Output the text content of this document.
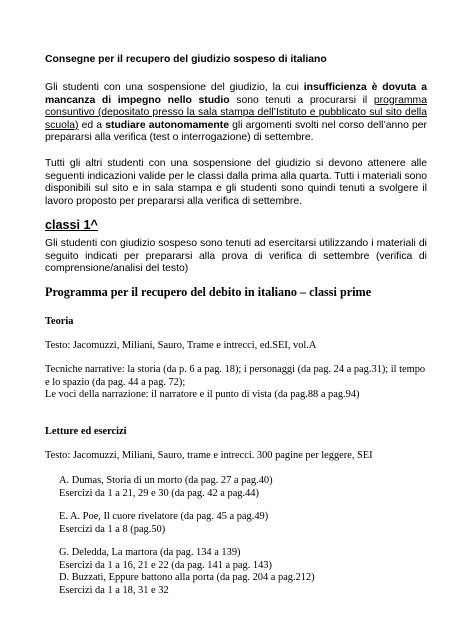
Consegne per il recupero del giudizio sospeso di italiano

Gli studenti con una sospensione del giudizio, la cui insufficienza è dovuta a mancanza di impegno nello studio sono tenuti a procurarsi il programma consuntivo (depositato presso la sala stampa dell’Istituto e pubblicato sul sito della scuola) ed a studiare autonomamente gli argomenti svolti nel corso dell’anno per prepararsi alla verifica (test o interrogazione) di settembre.

Tutti gli altri studenti con una sospensione del giudizio si devono attenere alle seguenti indicazioni valide per le classi dalla prima alla quarta. Tutti i materiali sono disponibili sul sito e in sala stampa e gli studenti sono quindi tenuti a svolgere il lavoro proposto per prepararsi alla verifica di settembre.

classi 1^

Gli studenti con giudizio sospeso sono tenuti ad esercitarsi utilizzando i materiali di seguito indicati per prepararsi alla prova di verifica di settembre (verifica di comprensione/analisi del testo)

Programma per il recupero del debito in italiano – classi prime

Teoria

Testo: Jacomuzzi, Miliani, Sauro, Trame e intrecci, ed.SEI, vol.A

Tecniche narrative: la storia (da p. 6 a pag. 18); i personaggi (da pag. 24 a pag.31); il tempo e lo spazio (da pag. 44 a pag. 72);

Le voci della narrazione: il narratore e il punto di vista (da pag.88 a pag.94)

Letture ed esercizi

Testo: Jacomuzzi, Miliani, Sauro, trame e intrecci. 300 pagine per leggere, SEI

A. Dumas, Storia di un morto (da pag. 27 a pag.40)
Esercizi da 1 a 21, 29 e 30 (da pag. 42 a pag.44)
E. A. Poe, Il cuore rivelatore (da pag. 45 a pag.49)
Esercizi da 1 a 8 (pag.50)
G. Deledda, La martora (da pag. 134 a 139)
Esercizi da 1 a 16, 21 e 22 (da pag. 141 a pag. 143)
D. Buzzati, Eppure battono alla porta (da pag. 204 a pag.212)
Esercizi da 1 a 18, 31 e 32
